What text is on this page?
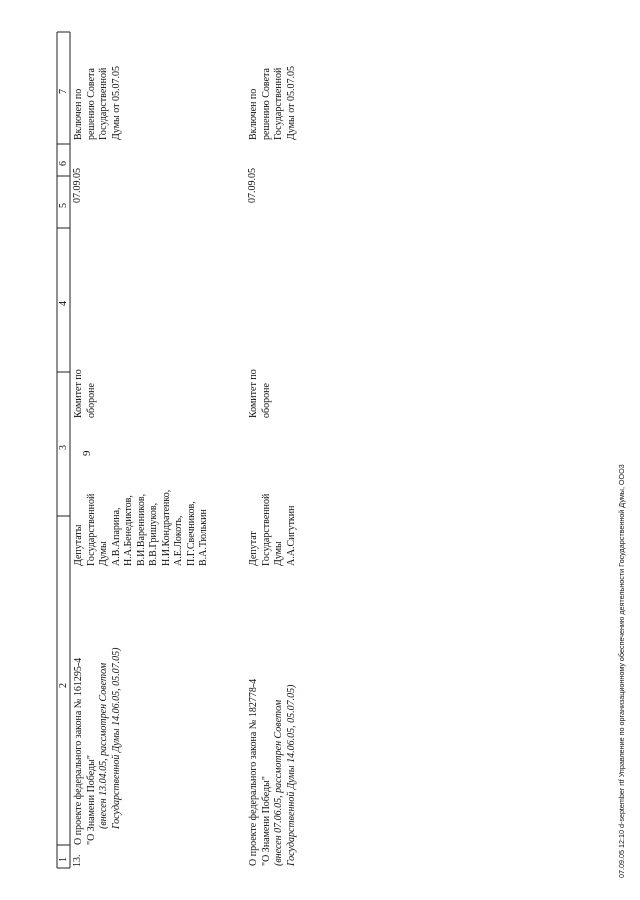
9
1
2
3
4
5
6
7
13.
О проекте федерального закона № 161295-4 "О Знамени Победы" (внесен 13.04.05, рассмотрен Советом Государственной Думы 14.06.05, 05.07.05)
Депутаты Государственной Думы А.В.Апарина, Н.А.Бенедиктов, В.И.Варенников, В.В.Гришуков, Н.И.Кондратенко, А.Е.Локоть, П.Г.Свечников, В.А.Тюлькин
Комитет по обороне
07.09.05
Включен по решению Совета Государственной Думы от 05.07.05
О проекте федерального закона № 182778-4 "О Знамени Победы" (внесен 07.06.05, рассмотрен Советом Государственной Думы 14.06.05, 05.07.05)
Депутат Государственной Думы А.А.Сигуткин
Комитет по обороне
07.09.05
Включен по решению Совета Государственной Думы от 05.07.05
07.09.05 12:10 d-september rtf Управление по организационному обеспечению деятельности Государственной Думы, ООО3
